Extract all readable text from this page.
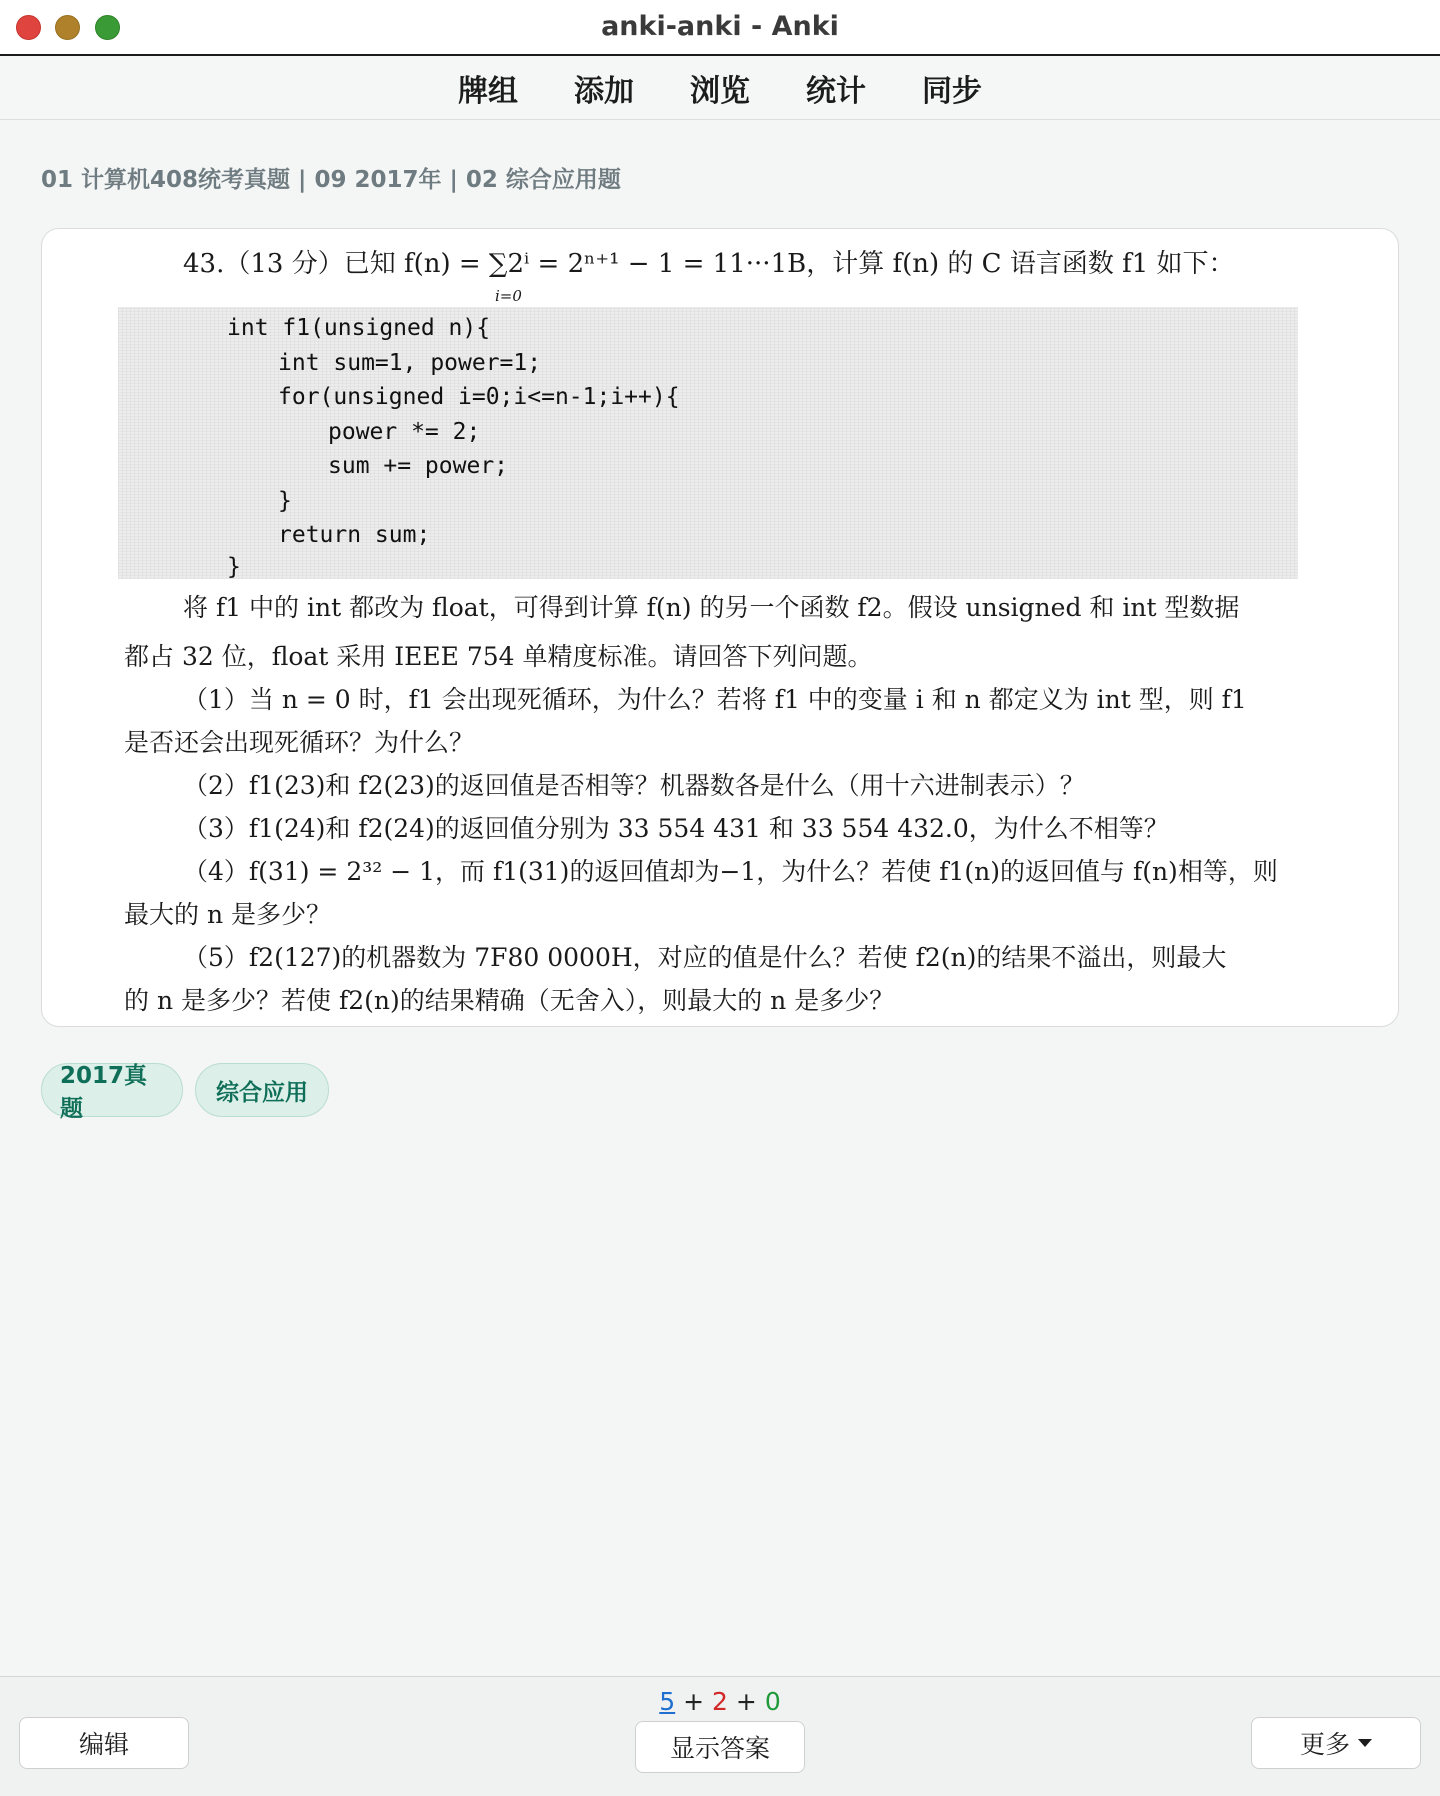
anki-anki - Anki
牌组	添加	浏览	统计	同步
01 计算机408统考真题 | 09 2017年 | 02 综合应用题
43.（13 分）已知 f(n) = ∑2ⁱ = 2ⁿ⁺¹ − 1 = 11···1B，计算 f(n) 的 C 语言函数 f1 如下：
i=0
int f1(unsigned n){
int sum=1, power=1;
for(unsigned i=0;i<=n-1;i++){
power *= 2;
sum += power;
}
return sum;
}
将 f1 中的 int 都改为 float，可得到计算 f(n) 的另一个函数 f2。假设 unsigned 和 int 型数据
都占 32 位，float 采用 IEEE 754 单精度标准。请回答下列问题。
（1）当 n = 0 时，f1 会出现死循环，为什么？若将 f1 中的变量 i 和 n 都定义为 int 型，则 f1
是否还会出现死循环？为什么？
（2）f1(23)和 f2(23)的返回值是否相等？机器数各是什么（用十六进制表示）？
（3）f1(24)和 f2(24)的返回值分别为 33 554 431 和 33 554 432.0，为什么不相等？
（4）f(31) = 2³² − 1，而 f1(31)的返回值却为−1，为什么？若使 f1(n)的返回值与 f(n)相等，则
最大的 n 是多少？
（5）f2(127)的机器数为 7F80 0000H，对应的值是什么？若使 f2(n)的结果不溢出，则最大
的 n 是多少？若使 f2(n)的结果精确（无舍入），则最大的 n 是多少？
2017真题
综合应用
5 + 2 + 0
编辑	显示答案	更多
